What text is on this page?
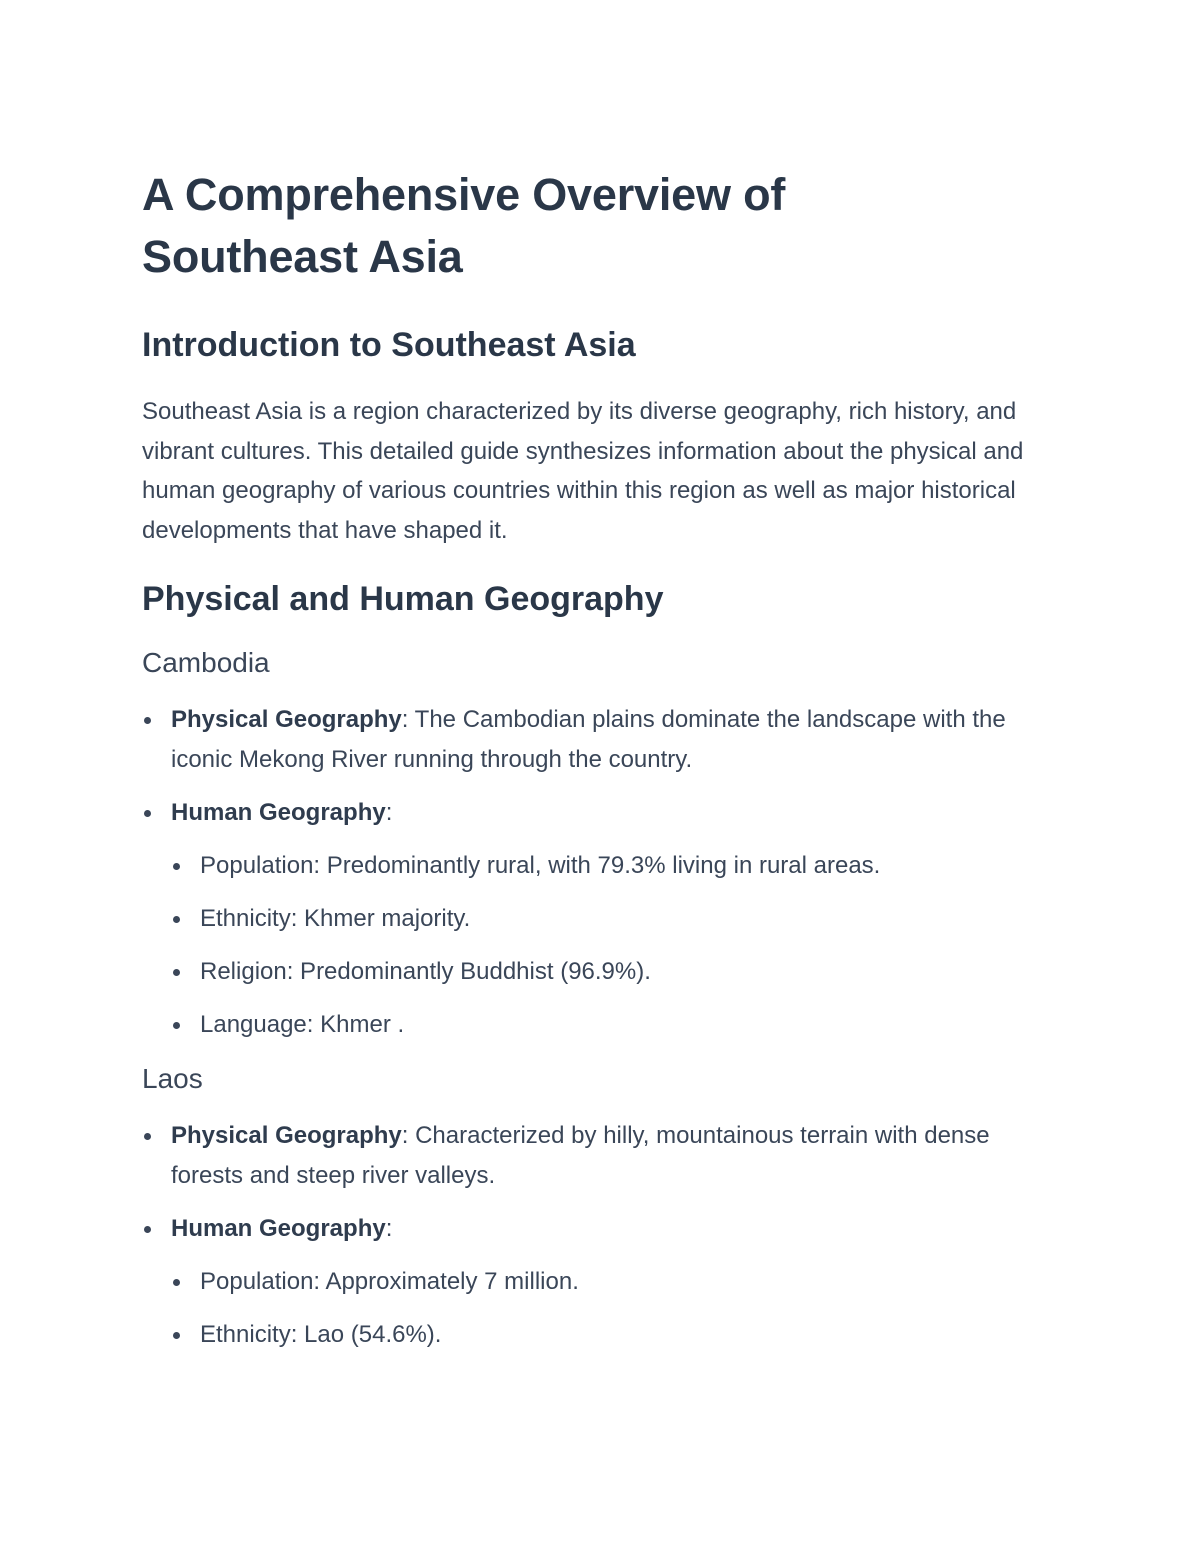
A Comprehensive Overview of Southeast Asia
Introduction to Southeast Asia

Southeast Asia is a region characterized by its diverse geography, rich history, and vibrant cultures. This detailed guide synthesizes information about the physical and human geography of various countries within this region as well as major historical developments that have shaped it.

Physical and Human Geography
Cambodia
Physical Geography: The Cambodian plains dominate the landscape with the iconic Mekong River running through the country.
Human Geography:
Population: Predominantly rural, with 79.3% living in rural areas.
Ethnicity: Khmer majority.
Religion: Predominantly Buddhist (96.9%).
Language: Khmer .
Laos
Physical Geography: Characterized by hilly, mountainous terrain with dense forests and steep river valleys.
Human Geography:
Population: Approximately 7 million.
Ethnicity: Lao (54.6%).
